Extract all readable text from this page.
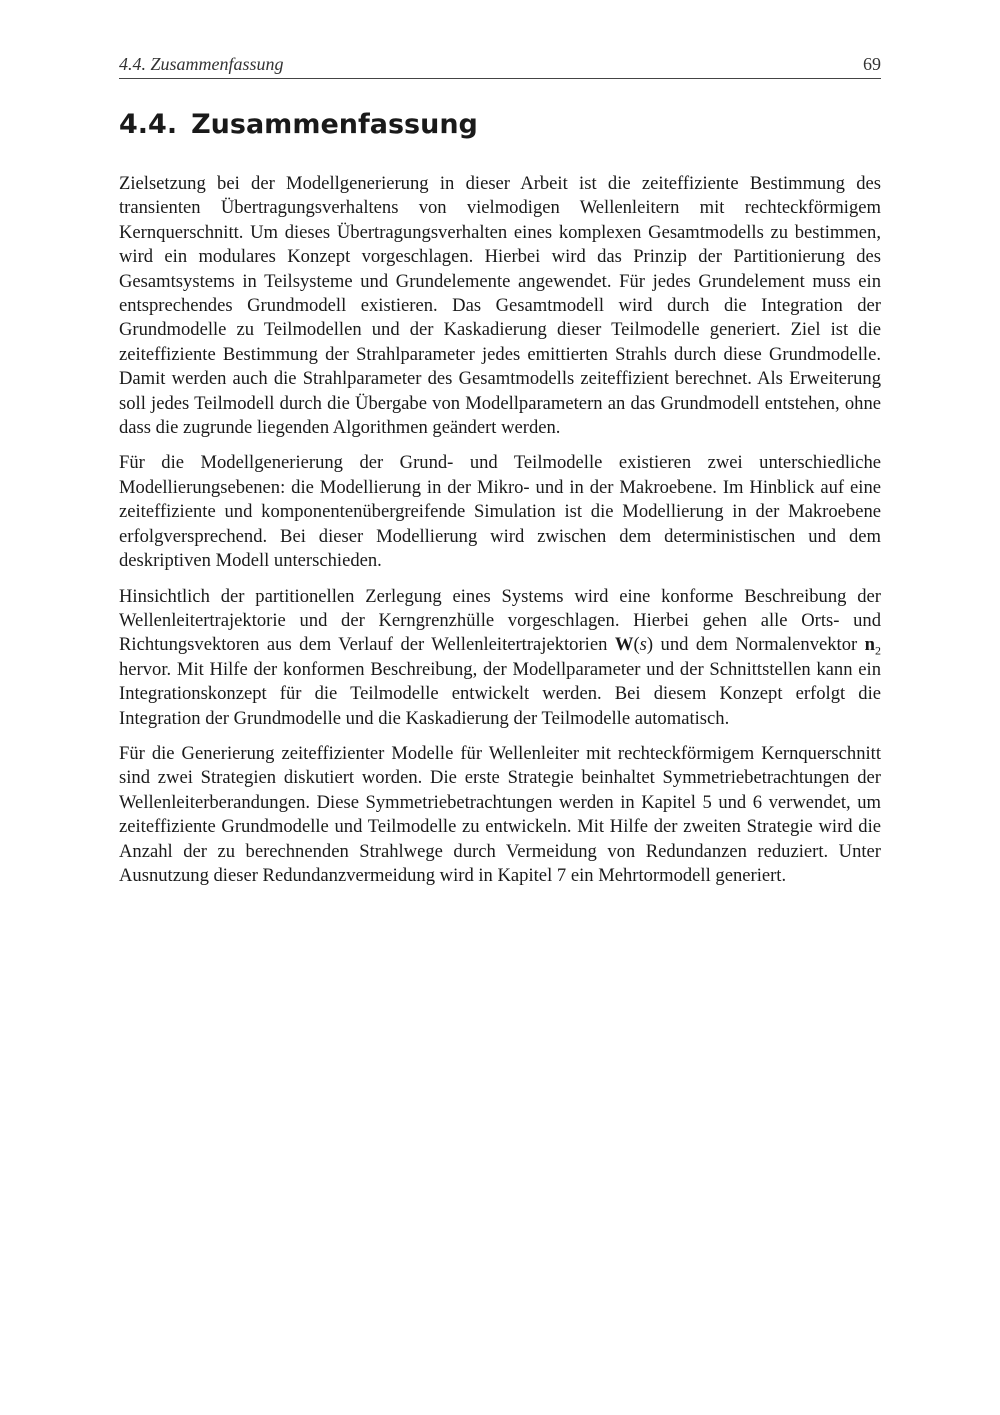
4.4. Zusammenfassung	69
4.4. Zusammenfassung

Zielsetzung bei der Modellgenerierung in dieser Arbeit ist die zeiteffiziente Bestimmung des transienten Übertragungsverhaltens von vielmodigen Wellenleitern mit rechteckförmigem Kernquerschnitt. Um dieses Übertragungsverhalten eines komplexen Gesamtmodells zu bestimmen, wird ein modulares Konzept vorgeschlagen. Hierbei wird das Prinzip der Partitionierung des Gesamtsystems in Teilsysteme und Grundelemente angewendet. Für jedes Grundelement muss ein entsprechendes Grundmodell existieren. Das Gesamtmodell wird durch die Integration der Grundmodelle zu Teilmodellen und der Kaskadierung dieser Teilmodelle generiert. Ziel ist die zeiteffiziente Bestimmung der Strahlparameter jedes emittierten Strahls durch diese Grundmodelle. Damit werden auch die Strahlparameter des Gesamtmodells zeiteffizient berechnet. Als Erweiterung soll jedes Teilmodell durch die Übergabe von Modellparametern an das Grundmodell entstehen, ohne dass die zugrunde liegenden Algorithmen geändert werden.

Für die Modellgenerierung der Grund- und Teilmodelle existieren zwei unterschiedliche Modellierungsebenen: die Modellierung in der Mikro- und in der Makroebene. Im Hinblick auf eine zeiteffiziente und komponentenübergreifende Simulation ist die Modellierung in der Makroebene erfolgversprechend. Bei dieser Modellierung wird zwischen dem deterministischen und dem deskriptiven Modell unterschieden.

Hinsichtlich der partitionellen Zerlegung eines Systems wird eine konforme Beschreibung der Wellenleitertrajektorie und der Kerngrenzhülle vorgeschlagen. Hierbei gehen alle Orts- und Richtungsvektoren aus dem Verlauf der Wellenleitertrajektorien W(s) und dem Normalenvektor $n_2$ hervor. Mit Hilfe der konformen Beschreibung, der Modellparameter und der Schnittstellen kann ein Integrationskonzept für die Teilmodelle entwickelt werden. Bei diesem Konzept erfolgt die Integration der Grundmodelle und die Kaskadierung der Teilmodelle automatisch.

Für die Generierung zeiteffizienter Modelle für Wellenleiter mit rechteckförmigem Kernquerschnitt sind zwei Strategien diskutiert worden. Die erste Strategie beinhaltet Symmetriebetrachtungen der Wellenleiterberandungen. Diese Symmetriebetrachtungen werden in Kapitel 5 und 6 verwendet, um zeiteffiziente Grundmodelle und Teilmodelle zu entwickeln. Mit Hilfe der zweiten Strategie wird die Anzahl der zu berechnenden Strahlwege durch Vermeidung von Redundanzen reduziert. Unter Ausnutzung dieser Redundanzvermeidung wird in Kapitel 7 ein Mehrtormodell generiert.
